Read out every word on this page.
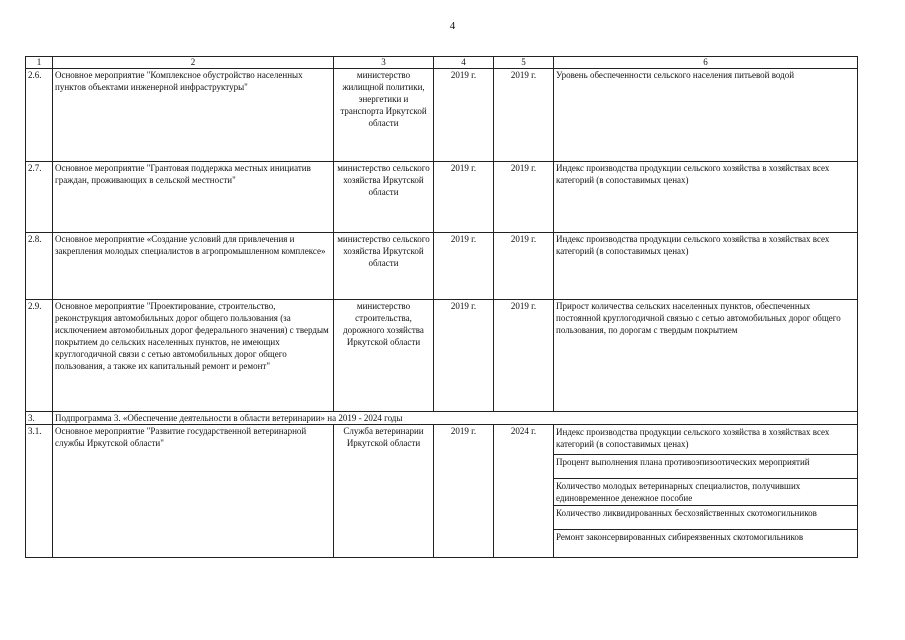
4
1	2	3	4	5	6
2.6.	Основное мероприятие "Комплексное обустройство населенных пунктов объектами инженерной инфраструктуры"	министерство жилищной политики, энергетики и транспорта Иркутской области	2019 г.	2019 г.	Уровень обеспеченности сельского населения питьевой водой
2.7.	Основное мероприятие "Грантовая поддержка местных инициатив граждан, проживающих в сельской местности"	министерство сельского хозяйства Иркутской области	2019 г.	2019 г.	Индекс производства продукции сельского хозяйства в хозяйствах всех категорий (в сопоставимых ценах)
2.8.	Основное мероприятие «Создание условий для привлечения и закрепления молодых специалистов в агропромышленном комплексе»	министерство сельского хозяйства Иркутской области	2019 г.	2019 г.	Индекс производства продукции сельского хозяйства в хозяйствах всех категорий (в сопоставимых ценах)
2.9.	Основное мероприятие "Проектирование, строительство, реконструкция автомобильных дорог общего пользования (за исключением автомобильных дорог федерального значения) с твердым покрытием до сельских населенных пунктов, не имеющих круглогодичной связи с сетью автомобильных дорог общего пользования, а также их капитальный ремонт и ремонт"	министерство строительства, дорожного хозяйства Иркутской области	2019 г.	2019 г.	Прирост количества сельских населенных пунктов, обеспеченных постоянной круглогодичной связью с сетью автомобильных дорог общего пользования, по дорогам с твердым покрытием
3.	Подпрограмма 3. «Обеспечение деятельности в области ветеринарии» на 2019 - 2024 годы				
3.1.	Основное мероприятие "Развитие государственной ветеринарной службы Иркутской области"	Служба ветеринарии Иркутской области	2019 г.	2024 г.	Индекс производства продукции сельского хозяйства в хозяйствах всех категорий (в сопоставимых ценах)
Процент выполнения плана противоэпизоотических мероприятий
Количество молодых ветеринарных специалистов, получивших единовременное денежное пособие
Количество ликвидированных бесхозяйственных скотомогильников
Ремонт законсервированных сибиреязвенных скотомогильников
